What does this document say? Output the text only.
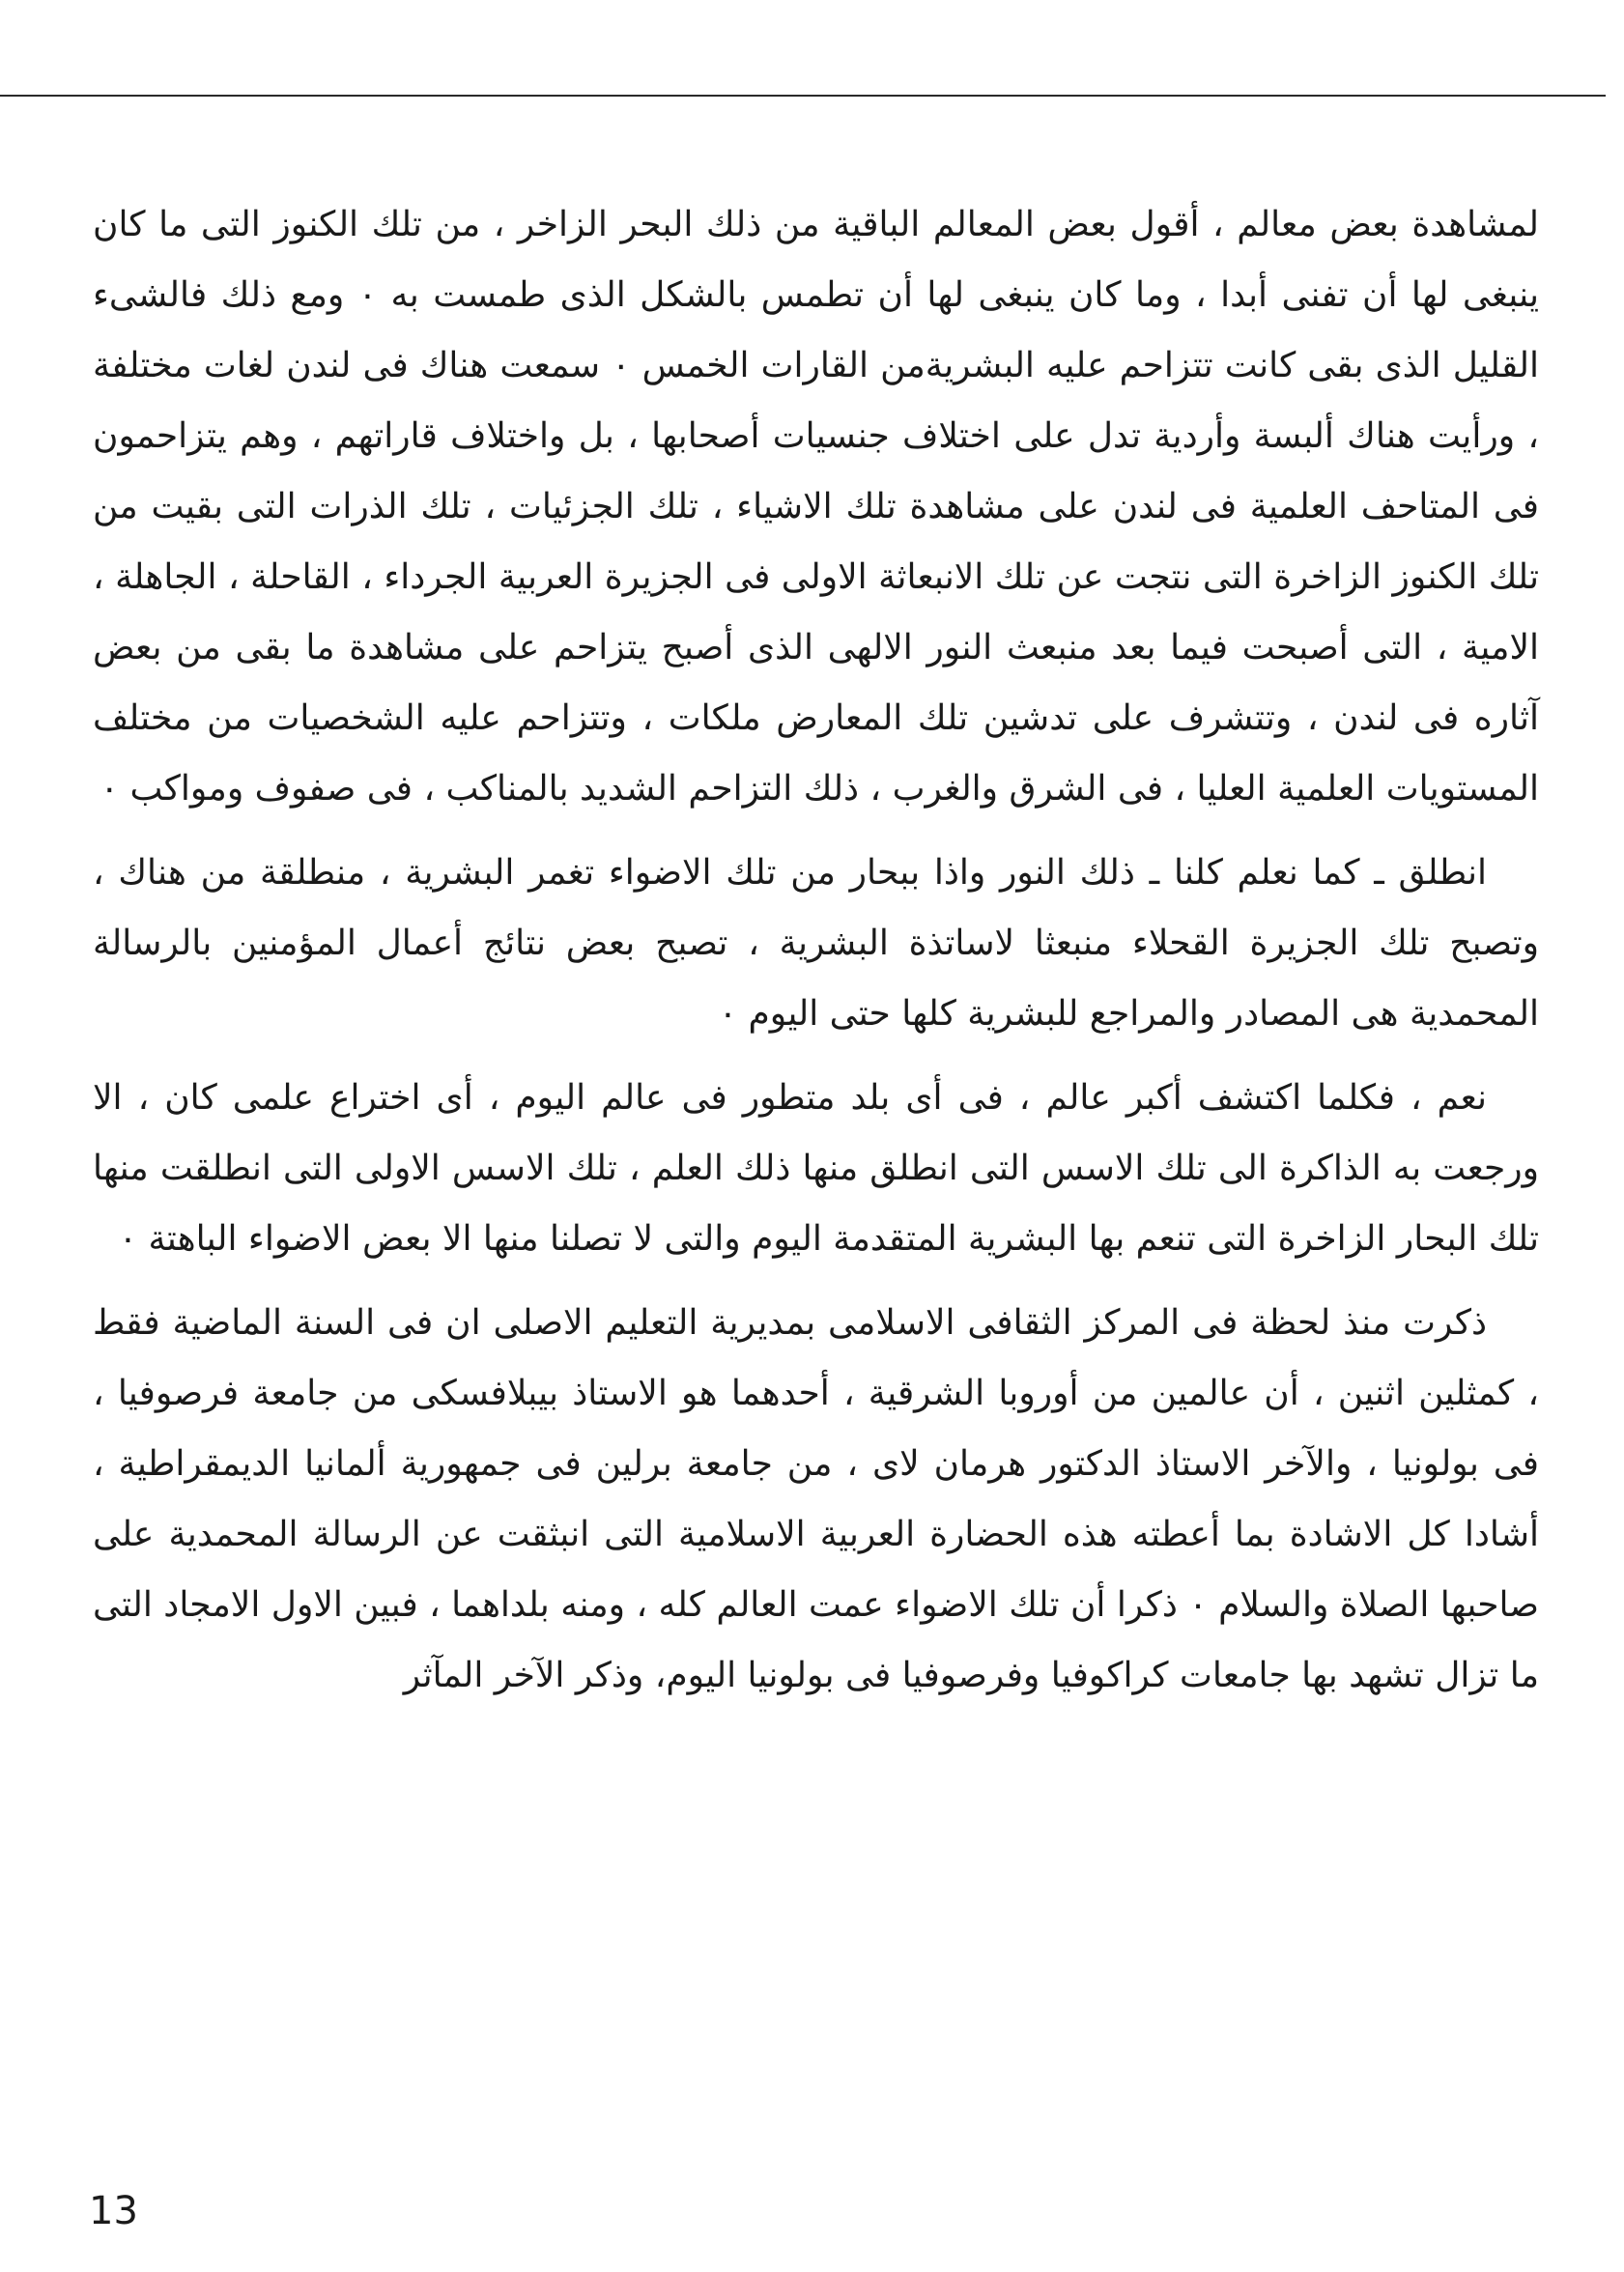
لمشاهدة بعض معالم ، أقول بعض المعالم الباقية من ذلك البحر الزاخر ، من تلك الكنوز التى ما كان ينبغى لها أن تفنى أبدا ، وما كان ينبغى لها أن تطمس بالشكل الذى طمست به ٠ ومع ذلك فالشىء القليل الذى بقى كانت تتزاحم عليه البشريةمن القارات الخمس ٠ سمعت هناك فى لندن لغات مختلفة ، ورأيت هناك ألبسة وأردية تدل على اختلاف جنسيات أصحابها ، بل واختلاف قاراتهم ، وهم يتزاحمون فى المتاحف العلمية فى لندن على مشاهدة تلك الاشياء ، تلك الجزئيات ، تلك الذرات التى بقيت من تلك الكنوز الزاخرة التى نتجت عن تلك الانبعاثة الاولى فى الجزيرة العربية الجرداء ، القاحلة ، الجاهلة ، الامية ، التى أصبحت فيما بعد منبعث النور الالهى الذى أصبح يتزاحم على مشاهدة ما بقى من بعض آثاره فى لندن ، وتتشرف على تدشين تلك المعارض ملكات ، وتتزاحم عليه الشخصيات من مختلف المستويات العلمية العليا ، فى الشرق والغرب ، ذلك التزاحم الشديد بالمناكب ، فى صفوف ومواكب ٠

انطلق ـ كما نعلم كلنا ـ ذلك النور واذا ببحار من تلك الاضواء تغمر البشرية ، منطلقة من هناك ، وتصبح تلك الجزيرة القحلاء منبعثا لاساتذة البشرية ، تصبح بعض نتائج أعمال المؤمنين بالرسالة المحمدية هى المصادر والمراجع للبشرية كلها حتى اليوم ٠

نعم ، فكلما اكتشف أكبر عالم ، فى أى بلد متطور فى عالم اليوم ، أى اختراع علمى كان ، الا ورجعت به الذاكرة الى تلك الاسس التى انطلق منها ذلك العلم ، تلك الاسس الاولى التى انطلقت منها تلك البحار الزاخرة التى تنعم بها البشرية المتقدمة اليوم والتى لا تصلنا منها الا بعض الاضواء الباهتة ٠

ذكرت منذ لحظة فى المركز الثقافى الاسلامى بمديرية التعليم الاصلى ان فى السنة الماضية فقط ، كمثلين اثنين ، أن عالمين من أوروبا الشرقية ، أحدهما هو الاستاذ بيبلافسكى من جامعة فرصوفيا ، فى بولونيا ، والآخر الاستاذ الدكتور هرمان لاى ، من جامعة برلين فى جمهورية ألمانيا الديمقراطية ، أشادا كل الاشادة بما أعطته هذه الحضارة العربية الاسلامية التى انبثقت عن الرسالة المحمدية على صاحبها الصلاة والسلام ٠ ذكرا أن تلك الاضواء عمت العالم كله ، ومنه بلداهما ، فبين الاول الامجاد التى ما تزال تشهد بها جامعات كراكوفيا وفرصوفيا فى بولونيا اليوم، وذكر الآخر المآثر

13
